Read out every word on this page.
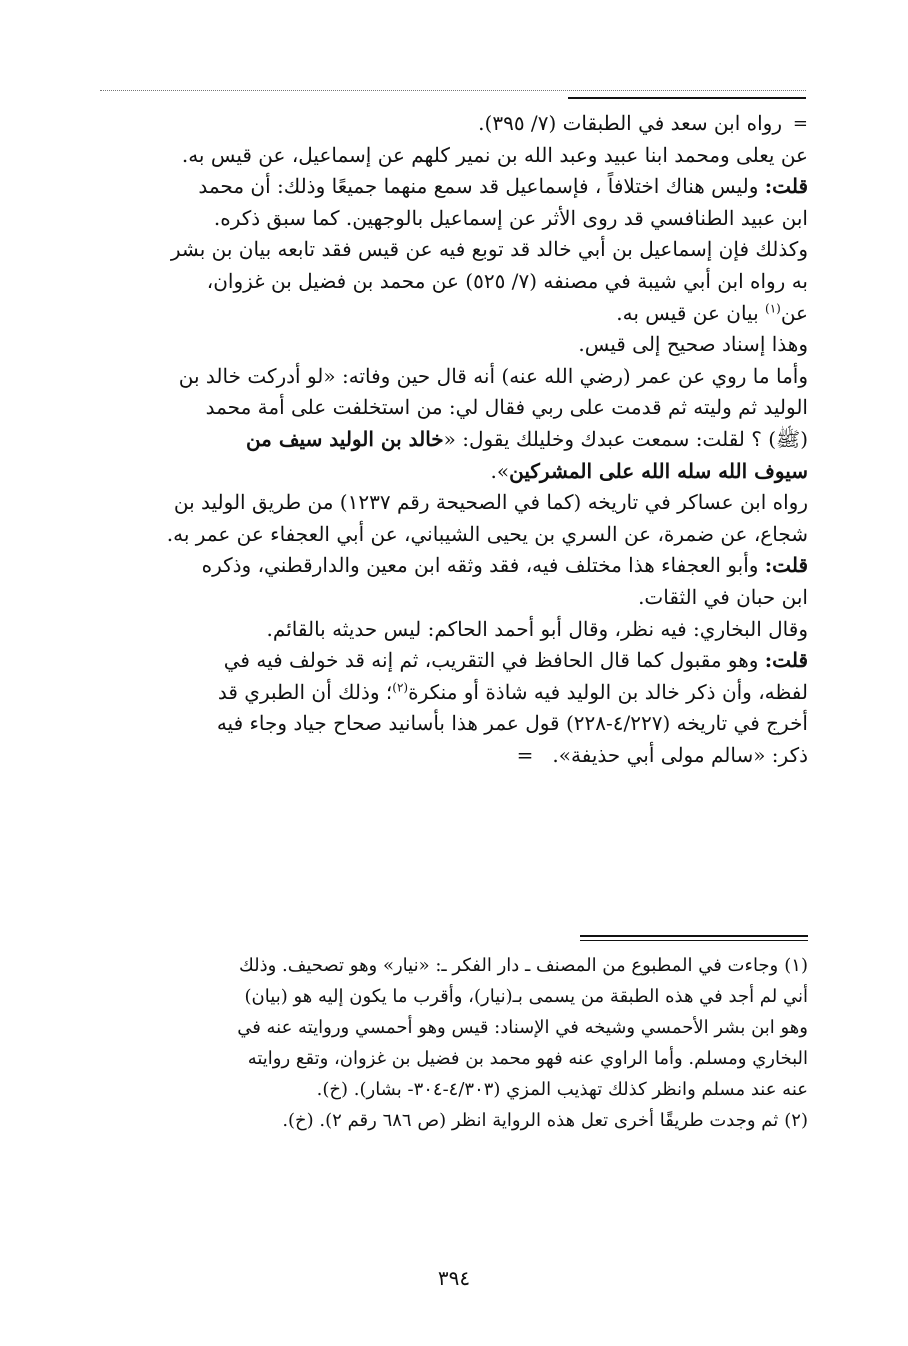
=

رواه ابن سعد في الطبقات (٧/ ٣٩٥).

عن يعلى ومحمد ابنا عبيد وعبد الله بن نمير كلهم عن إسماعيل، عن قيس به.

قلت: وليس هناك اختلافاً ، فإسماعيل قد سمع منهما جميعًا وذلك: أن محمد

ابن عبيد الطنافسي قد روى الأثر عن إسماعيل بالوجهين. كما سبق ذكره.

وكذلك فإن إسماعيل بن أبي خالد قد توبع فيه عن قيس فقد تابعه بيان بن بشر

به رواه ابن أبي شيبة في مصنفه (٧/ ٥٢٥) عن محمد بن فضيل بن غزوان،

عن$^{(١)}$ بيان عن قيس به.

وهذا إسناد صحيح إلى قيس.

وأما ما روي عن عمر (رضي الله عنه) أنه قال حين وفاته: «لو أدركت خالد بن

الوليد ثم وليته ثم قدمت على ربي فقال لي: من استخلفت على أمة محمد

(ﷺ) ؟ لقلت: سمعت عبدك وخليلك يقول: «خالد بن الوليد سيف من

سيوف الله سله الله على المشركين».

رواه ابن عساكر في تاريخه (كما في الصحيحة رقم ١٢٣٧) من طريق الوليد بن

شجاع، عن ضمرة، عن السري بن يحيى الشيباني، عن أبي العجفاء عن عمر به.

قلت: وأبو العجفاء هذا مختلف فيه، فقد وثقه ابن معين والدارقطني، وذكره

ابن حبان في الثقات.

وقال البخاري: فيه نظر، وقال أبو أحمد الحاكم: ليس حديثه بالقائم.

قلت: وهو مقبول كما قال الحافظ في التقريب، ثم إنه قد خولف فيه في

لفظه، وأن ذكر خالد بن الوليد فيه شاذة أو منكرة$^{(٢)}$؛ وذلك أن الطبري قد

أخرج في تاريخه (٤/٢٢٧-٢٢٨) قول عمر هذا بأسانيد صحاح جياد وجاء فيه

ذكر: «سالم مولى أبي حذيفة».   =

(١)وجاءت في المطبوع من المصنف ـ دار الفكر ـ: «نيار» وهو تصحيف. وذلك

أني لم أجد في هذه الطبقة من يسمى بـ(نيار)، وأقرب ما يكون إليه هو (بيان)

وهو ابن بشر الأحمسي وشيخه في الإسناد: قيس وهو أحمسي وروايته عنه في

البخاري ومسلم. وأما الراوي عنه فهو محمد بن فضيل بن غزوان، وتقع روايته

عنه عند مسلم وانظر كذلك تهذيب المزي (٤/٣٠٣-٣٠٤- بشار). (خ).

(٢)ثم وجدت طريقًا أخرى تعل هذه الرواية انظر (ص ٦٨٦ رقم ٢). (خ).

٣٩٤
